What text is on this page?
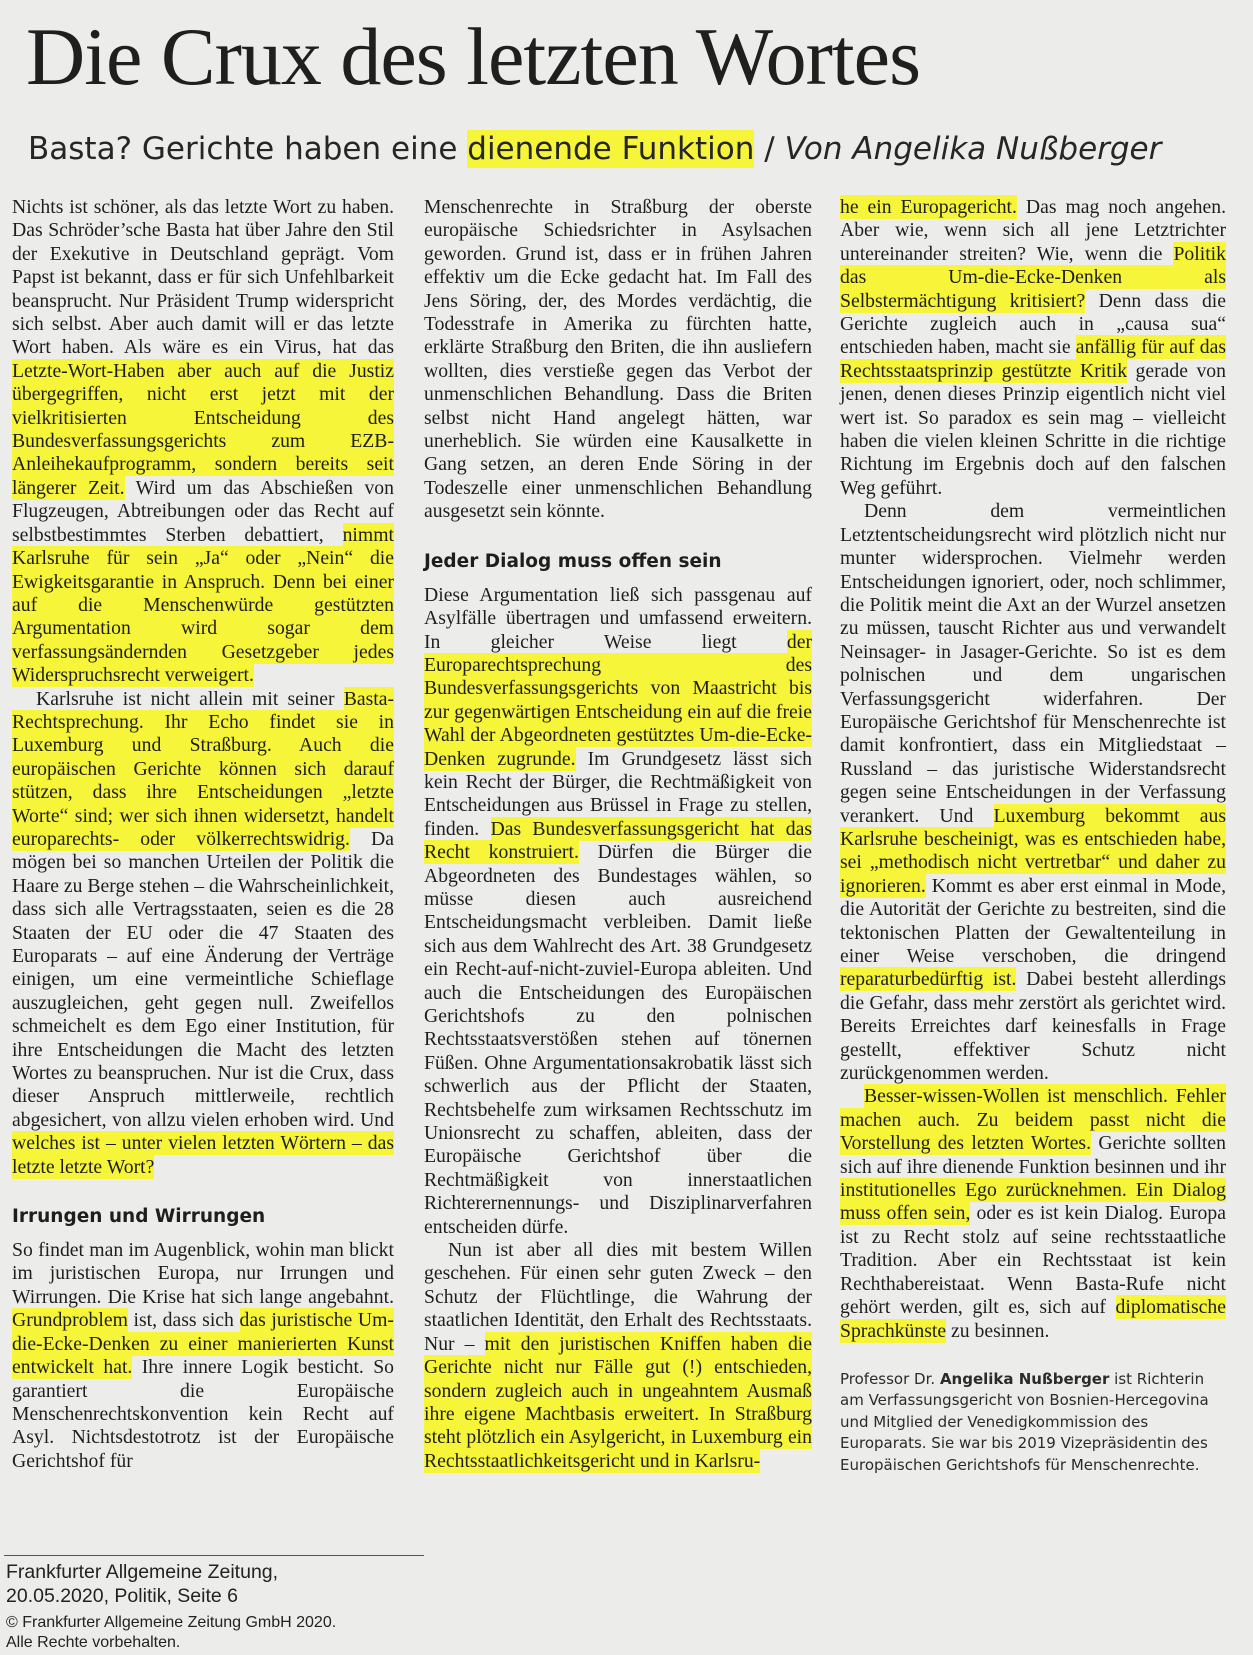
Die Crux des letzten Wortes
Basta? Gerichte haben eine dienende Funktion / Von Angelika Nußberger

Nichts ist schöner, als das letzte Wort zu haben. Das Schröder’sche Basta hat über Jahre den Stil der Exekutive in Deutschland geprägt. Vom Papst ist bekannt, dass er für sich Unfehlbarkeit beansprucht. Nur Präsident Trump widerspricht sich selbst. Aber auch damit will er das letzte Wort haben. Als wäre es ein Virus, hat das Letzte-Wort-Haben aber auch auf die Justiz übergegriffen, nicht erst jetzt mit der vielkritisierten Entscheidung des Bundesverfassungsgerichts zum EZB-Anleihekaufprogramm, sondern bereits seit längerer Zeit. Wird um das Abschießen von Flugzeugen, Abtreibungen oder das Recht auf selbstbestimmtes Sterben debattiert, nimmt Karlsruhe für sein „Ja“ oder „Nein“ die Ewigkeitsgarantie in Anspruch. Denn bei einer auf die Menschenwürde gestützten Argumentation wird sogar dem verfassungsändernden Gesetzgeber jedes Widerspruchsrecht verweigert.

Karlsruhe ist nicht allein mit seiner Basta-Rechtsprechung. Ihr Echo findet sie in Luxemburg und Straßburg. Auch die europäischen Gerichte können sich darauf stützen, dass ihre Entscheidungen „letzte Worte“ sind; wer sich ihnen widersetzt, handelt europarechts- oder völkerrechtswidrig. Da mögen bei so manchen Urteilen der Politik die Haare zu Berge stehen – die Wahrscheinlichkeit, dass sich alle Vertragsstaaten, seien es die 28 Staaten der EU oder die 47 Staaten des Europarats – auf eine Änderung der Verträge einigen, um eine vermeintliche Schieflage auszugleichen, geht gegen null. Zweifellos schmeichelt es dem Ego einer Institution, für ihre Entscheidungen die Macht des letzten Wortes zu beanspruchen. Nur ist die Crux, dass dieser Anspruch mittlerweile, rechtlich abgesichert, von allzu vielen erhoben wird. Und welches ist – unter vielen letzten Wörtern – das letzte letzte Wort?

Irrungen und Wirrungen

So findet man im Augenblick, wohin man blickt im juristischen Europa, nur Irrungen und Wirrungen. Die Krise hat sich lange angebahnt. Grundproblem ist, dass sich das juristische Um-die-Ecke-Denken zu einer manierierten Kunst entwickelt hat. Ihre innere Logik besticht. So garantiert die Europäische Menschenrechtskonvention kein Recht auf Asyl. Nichtsdestotrotz ist der Europäische Gerichtshof für

Menschenrechte in Straßburg der oberste europäische Schiedsrichter in Asylsachen geworden. Grund ist, dass er in frühen Jahren effektiv um die Ecke gedacht hat. Im Fall des Jens Söring, der, des Mordes verdächtig, die Todesstrafe in Amerika zu fürchten hatte, erklärte Straßburg den Briten, die ihn ausliefern wollten, dies verstieße gegen das Verbot der unmenschlichen Behandlung. Dass die Briten selbst nicht Hand angelegt hätten, war unerheblich. Sie würden eine Kausalkette in Gang setzen, an deren Ende Söring in der Todeszelle einer unmenschlichen Behandlung ausgesetzt sein könnte.

Jeder Dialog muss offen sein

Diese Argumentation ließ sich passgenau auf Asylfälle übertragen und umfassend erweitern. In gleicher Weise liegt der Europarechtsprechung des Bundesverfassungsgerichts von Maastricht bis zur gegenwärtigen Entscheidung ein auf die freie Wahl der Abgeordneten gestütztes Um-die-Ecke-Denken zugrunde. Im Grundgesetz lässt sich kein Recht der Bürger, die Rechtmäßigkeit von Entscheidungen aus Brüssel in Frage zu stellen, finden. Das Bundesverfassungsgericht hat das Recht konstruiert. Dürfen die Bürger die Abgeordneten des Bundestages wählen, so müsse diesen auch ausreichend Entscheidungsmacht verbleiben. Damit ließe sich aus dem Wahlrecht des Art. 38 Grundgesetz ein Recht-auf-nicht-zuviel-Europa ableiten. Und auch die Entscheidungen des Europäischen Gerichtshofs zu den polnischen Rechtsstaatsverstößen stehen auf tönernen Füßen. Ohne Argumentationsakrobatik lässt sich schwerlich aus der Pflicht der Staaten, Rechtsbehelfe zum wirksamen Rechtsschutz im Unionsrecht zu schaffen, ableiten, dass der Europäische Gerichtshof über die Rechtmäßigkeit von innerstaatlichen Richterernennungs- und Disziplinarverfahren entscheiden dürfe.

Nun ist aber all dies mit bestem Willen geschehen. Für einen sehr guten Zweck – den Schutz der Flüchtlinge, die Wahrung der staatlichen Identität, den Erhalt des Rechtsstaats. Nur – mit den juristischen Kniffen haben die Gerichte nicht nur Fälle gut (!) entschieden, sondern zugleich auch in ungeahntem Ausmaß ihre eigene Machtbasis erweitert. In Straßburg steht plötzlich ein Asylgericht, in Luxemburg ein Rechtsstaatlichkeitsgericht und in Karlsru-

he ein Europagericht. Das mag noch angehen. Aber wie, wenn sich all jene Letztrichter untereinander streiten? Wie, wenn die Politik das Um-die-Ecke-Denken als Selbstermächtigung kritisiert? Denn dass die Gerichte zugleich auch in „causa sua“ entschieden haben, macht sie anfällig für auf das Rechtsstaatsprinzip gestützte Kritik gerade von jenen, denen dieses Prinzip eigentlich nicht viel wert ist. So paradox es sein mag – vielleicht haben die vielen kleinen Schritte in die richtige Richtung im Ergebnis doch auf den falschen Weg geführt.

Denn dem vermeintlichen Letztentscheidungsrecht wird plötzlich nicht nur munter widersprochen. Vielmehr werden Entscheidungen ignoriert, oder, noch schlimmer, die Politik meint die Axt an der Wurzel ansetzen zu müssen, tauscht Richter aus und verwandelt Neinsager- in Jasager-Gerichte. So ist es dem polnischen und dem ungarischen Verfassungsgericht widerfahren. Der Europäische Gerichtshof für Menschenrechte ist damit konfrontiert, dass ein Mitgliedstaat – Russland – das juristische Widerstandsrecht gegen seine Entscheidungen in der Verfassung verankert. Und Luxemburg bekommt aus Karlsruhe bescheinigt, was es entschieden habe, sei „methodisch nicht vertretbar“ und daher zu ignorieren. Kommt es aber erst einmal in Mode, die Autorität der Gerichte zu bestreiten, sind die tektonischen Platten der Gewaltenteilung in einer Weise verschoben, die dringend reparaturbedürftig ist. Dabei besteht allerdings die Gefahr, dass mehr zerstört als gerichtet wird. Bereits Erreichtes darf keinesfalls in Frage gestellt, effektiver Schutz nicht zurückgenommen werden.

Besser-wissen-Wollen ist menschlich. Fehler machen auch. Zu beidem passt nicht die Vorstellung des letzten Wortes. Gerichte sollten sich auf ihre dienende Funktion besinnen und ihr institutionelles Ego zurücknehmen. Ein Dialog muss offen sein, oder es ist kein Dialog. Europa ist zu Recht stolz auf seine rechtsstaatliche Tradition. Aber ein Rechtsstaat ist kein Rechthabereistaat. Wenn Basta-Rufe nicht gehört werden, gilt es, sich auf diplomatische Sprachkünste zu besinnen.

Professor Dr. Angelika Nußberger ist Richterin am Verfassungsgericht von Bosnien-Hercegovina und Mitglied der Venedigkommission des Europarats. Sie war bis 2019 Vizepräsidentin des Europäischen Gerichtshofs für Menschenrechte.
Frankfurter Allgemeine Zeitung,
20.05.2020, Politik, Seite 6
© Frankfurter Allgemeine Zeitung GmbH 2020.
Alle Rechte vorbehalten.
